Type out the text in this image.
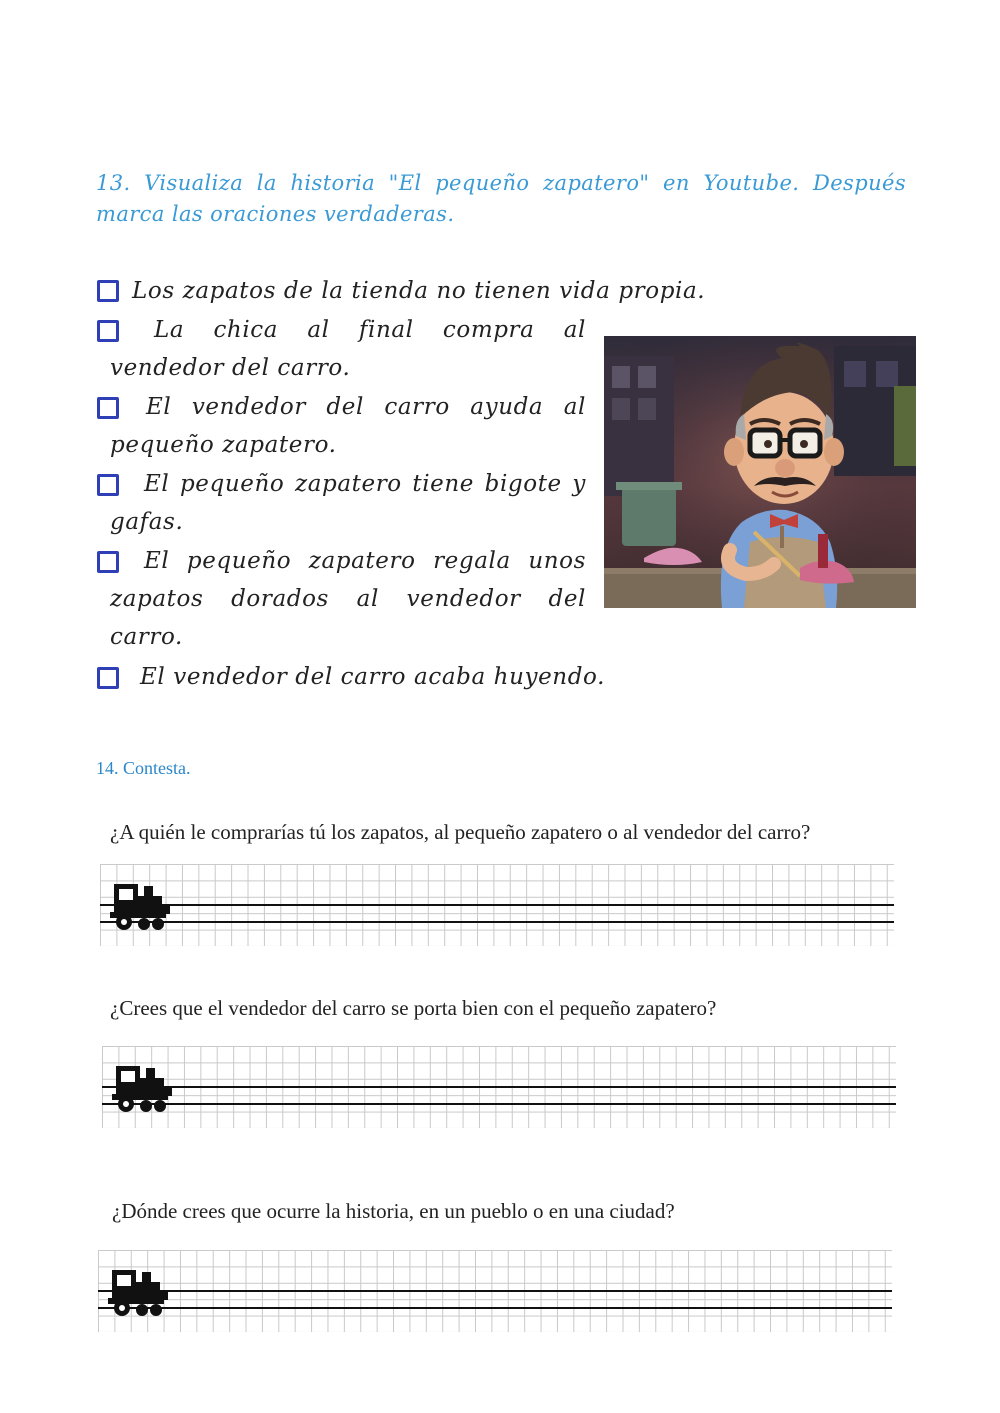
13. Visualiza la historia "El pequeño zapatero" en Youtube. Después marca las oraciones verdaderas.
Los zapatos de la tienda no tienen vida propia.
La chica al final compra al vendedor del carro.
El vendedor del carro ayuda al pequeño zapatero.
El pequeño zapatero tiene bigote y gafas.
El pequeño zapatero regala unos zapatos dorados al vendedor del carro.
El vendedor del carro acaba huyendo.
14. Contesta.
¿A quién le comprarías tú los zapatos, al pequeño zapatero o al vendedor del carro?
¿Crees que el vendedor del carro se porta bien con el pequeño zapatero?
¿Dónde crees que ocurre la historia, en un pueblo o en una ciudad?
